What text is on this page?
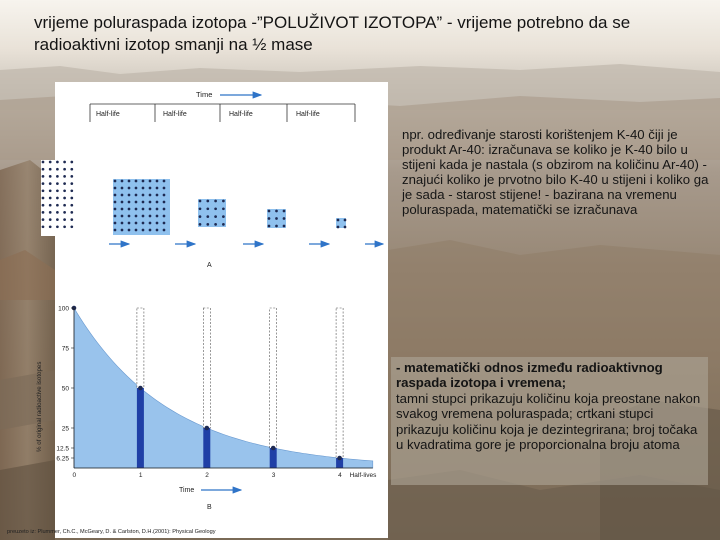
vrijeme poluraspada izotopa -”POLUŽIVOT IZOTOPA” - vrijeme potrebno da se radioaktivni izotop smanji na ½ mase
Time
Half-life	Half-life	Half-life	Half-life
A
100
75
50
25
12.5
6.25
0	1	2	3	4 Half-lives
% of original radioactive isotopes
Time
B
preuzeto iz: Plummer, Ch.C., McGeary, D. & Carlston, D.H.(2001): Physical Geology
npr. određivanje starosti korištenjem K-40 čiji je produkt Ar-40: izračunava se koliko je K-40 bilo u stijeni kada je nastala (s obzirom na količinu Ar-40) - znajući koliko je prvotno bilo K-40 u stijeni i koliko ga je sada - starost stijene! - bazirana na vremenu poluraspada, matematički se izračunava
- matematički odnos između radioaktivnog raspada izotopa i vremena;
tamni stupci prikazuju količinu koja preostane nakon svakog vremena poluraspada; crtkani stupci prikazuju količinu koja je dezintegrirana; broj točaka u kvadratima gore je proporcionalna broju atoma
